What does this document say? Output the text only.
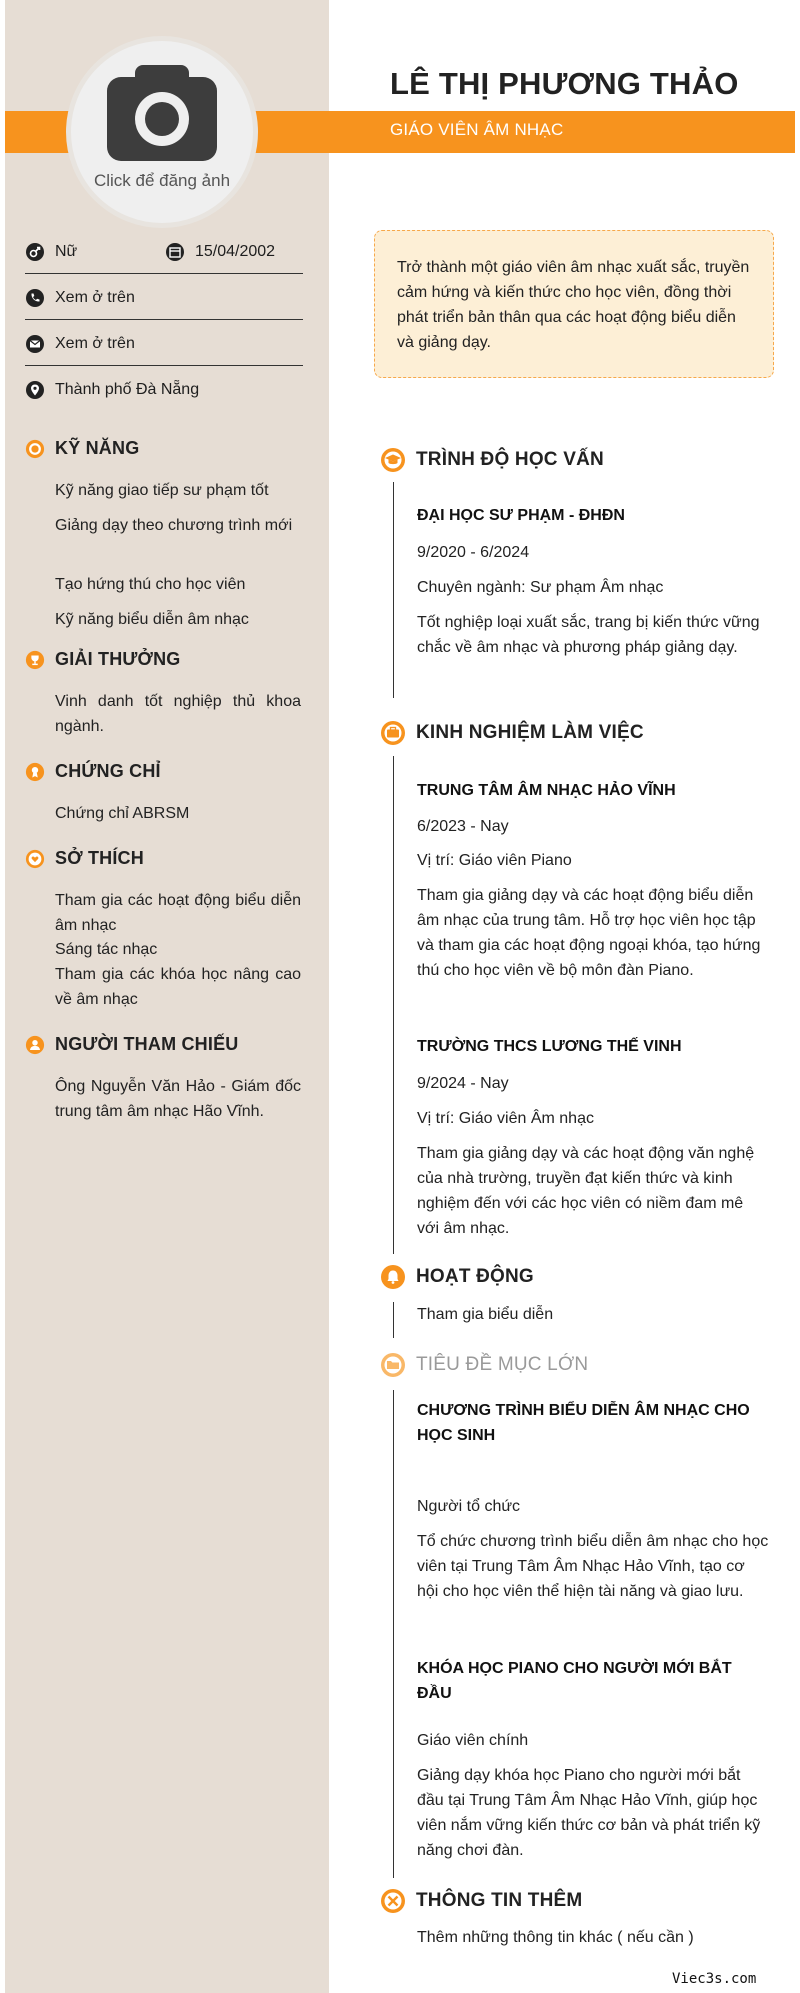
Click để đăng ảnh
LÊ THỊ PHƯƠNG THẢO
GIÁO VIÊN ÂM NHẠC
Nữ	15/04/2002
Xem ở trên
Xem ở trên
Thành phố Đà Nẵng
KỸ NĂNG
Kỹ năng giao tiếp sư phạm tốt
Giảng dạy theo chương trình mới
Tạo hứng thú cho học viên
Kỹ năng biểu diễn âm nhạc
GIẢI THƯỞNG
Vinh danh tốt nghiệp thủ khoa ngành.
CHỨNG CHỈ
Chứng chỉ ABRSM
SỞ THÍCH
Tham gia các hoạt động biểu diễn âm nhạc
Sáng tác nhạc
Tham gia các khóa học nâng cao về âm nhạc
NGƯỜI THAM CHIẾU
Ông Nguyễn Văn Hảo - Giám đốc trung tâm âm nhạc Hão Vĩnh.
Trở thành một giáo viên âm nhạc xuất sắc, truyền cảm hứng và kiến thức cho học viên, đồng thời phát triển bản thân qua các hoạt động biểu diễn và giảng dạy.
TRÌNH ĐỘ HỌC VẤN
ĐẠI HỌC SƯ PHẠM - ĐHĐN
9/2020 - 6/2024
Chuyên ngành: Sư phạm Âm nhạc
Tốt nghiệp loại xuất sắc, trang bị kiến thức vững chắc về âm nhạc và phương pháp giảng dạy.
KINH NGHIỆM LÀM VIỆC
TRUNG TÂM ÂM NHẠC HẢO VĨNH
6/2023 - Nay
Vị trí: Giáo viên Piano
Tham gia giảng dạy và các hoạt động biểu diễn âm nhạc của trung tâm. Hỗ trợ học viên học tập và tham gia các hoạt động ngoại khóa, tạo hứng thú cho học viên về bộ môn đàn Piano.
TRƯỜNG THCS LƯƠNG THẾ VINH
9/2024 - Nay
Vị trí: Giáo viên Âm nhạc
Tham gia giảng dạy và các hoạt động văn nghệ của nhà trường, truyền đạt kiến thức và kinh nghiệm đến với các học viên có niềm đam mê với âm nhạc.
HOẠT ĐỘNG
Tham gia biểu diễn
TIÊU ĐỀ MỤC LỚN
CHƯƠNG TRÌNH BIỂU DIỄN ÂM NHẠC CHO HỌC SINH
Người tổ chức
Tổ chức chương trình biểu diễn âm nhạc cho học viên tại Trung Tâm Âm Nhạc Hảo Vĩnh, tạo cơ hội cho học viên thể hiện tài năng và giao lưu.
KHÓA HỌC PIANO CHO NGƯỜI MỚI BẮT ĐẦU
Giáo viên chính
Giảng dạy khóa học Piano cho người mới bắt đầu tại Trung Tâm Âm Nhạc Hảo Vĩnh, giúp học viên nắm vững kiến thức cơ bản và phát triển kỹ năng chơi đàn.
THÔNG TIN THÊM
Thêm những thông tin khác ( nếu cần )
Viec3s.com
